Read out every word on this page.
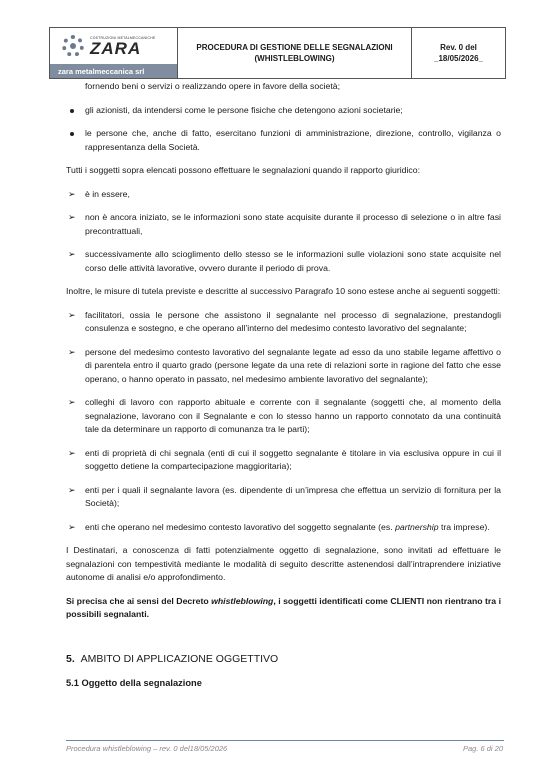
COSTRUZIONI METALMECCANICHE
ZARA
zara metalmeccanica srl
PROCEDURA DI GESTIONE DELLE SEGNALAZIONI
(WHISTLEBLOWING)
Rev. 0 del
_18/05/2026_

fornendo beni o servizi o realizzando opere in favore della società;

gli azionisti, da intendersi come le persone fisiche che detengono azioni societarie;
le persone che, anche di fatto, esercitano funzioni di amministrazione, direzione, controllo, vigilanza o rappresentanza della Società.

Tutti i soggetti sopra elencati possono effettuare le segnalazioni quando il rapporto giuridico:

➢ è in essere,
➢ non è ancora iniziato, se le informazioni sono state acquisite durante il processo di selezione o in altre fasi precontrattuali,
➢ successivamente allo scioglimento dello stesso se le informazioni sulle violazioni sono state acquisite nel corso delle attività lavorative, ovvero durante il periodo di prova.

Inoltre, le misure di tutela previste e descritte al successivo Paragrafo 10 sono estese anche ai seguenti soggetti:

➢ facilitatori, ossia le persone che assistono il segnalante nel processo di segnalazione, prestandogli consulenza e sostegno, e che operano all’interno del medesimo contesto lavorativo del segnalante;
➢ persone del medesimo contesto lavorativo del segnalante legate ad esso da uno stabile legame affettivo o di parentela entro il quarto grado (persone legate da una rete di relazioni sorte in ragione del fatto che esse operano, o hanno operato in passato, nel medesimo ambiente lavorativo del segnalante);
➢ colleghi di lavoro con rapporto abituale e corrente con il segnalante (soggetti che, al momento della segnalazione, lavorano con il Segnalante e con lo stesso hanno un rapporto connotato da una continuità tale da determinare un rapporto di comunanza tra le parti);
➢ enti di proprietà di chi segnala (enti di cui il soggetto segnalante è titolare in via esclusiva oppure in cui il soggetto detiene la compartecipazione maggioritaria);
➢ enti per i quali il segnalante lavora (es. dipendente di un’impresa che effettua un servizio di fornitura per la Società);
➢ enti che operano nel medesimo contesto lavorativo del soggetto segnalante (es. partnership tra imprese).

I Destinatari, a conoscenza di fatti potenzialmente oggetto di segnalazione, sono invitati ad effettuare le segnalazioni con tempestività mediante le modalità di seguito descritte astenendosi dall’intraprendere iniziative autonome di analisi e/o approfondimento.

Si precisa che ai sensi del Decreto whistleblowing, i soggetti identificati come CLIENTI non rientrano tra i possibili segnalanti.

5. AMBITO DI APPLICAZIONE OGGETTIVO

5.1 Oggetto della segnalazione

Procedura whistleblowing – rev. 0 del18/05/2026	Pag. 6 di 20
